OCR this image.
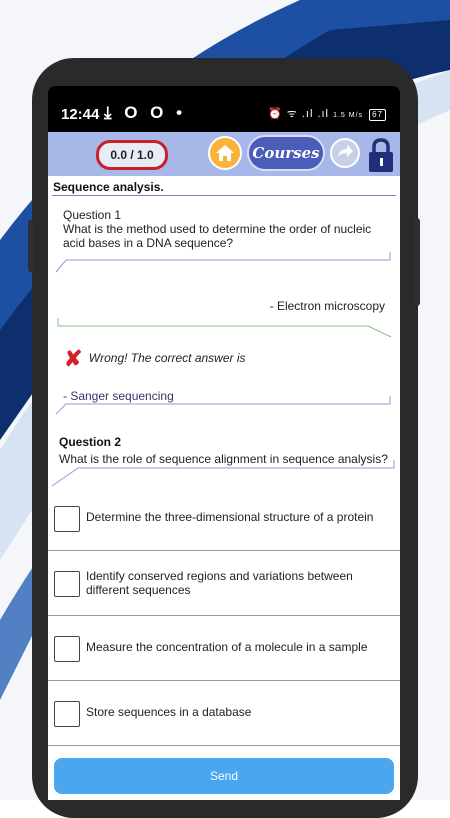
12:44 ⤓ O O •	⏰ ᯤ .ıl .ıl 1.5 M/s 67
0.0 / 1.0	Courses
Sequence analysis.
Question 1
What is the method used to determine the order of nucleic acid bases in a DNA sequence?
- Electron microscopy
✘ Wrong! The correct answer is
- Sanger sequencing
Question 2
What is the role of sequence alignment in sequence analysis?
Determine the three-dimensional structure of a protein
Identify conserved regions and variations between different sequences
Measure the concentration of a molecule in a sample
Store sequences in a database
Send
